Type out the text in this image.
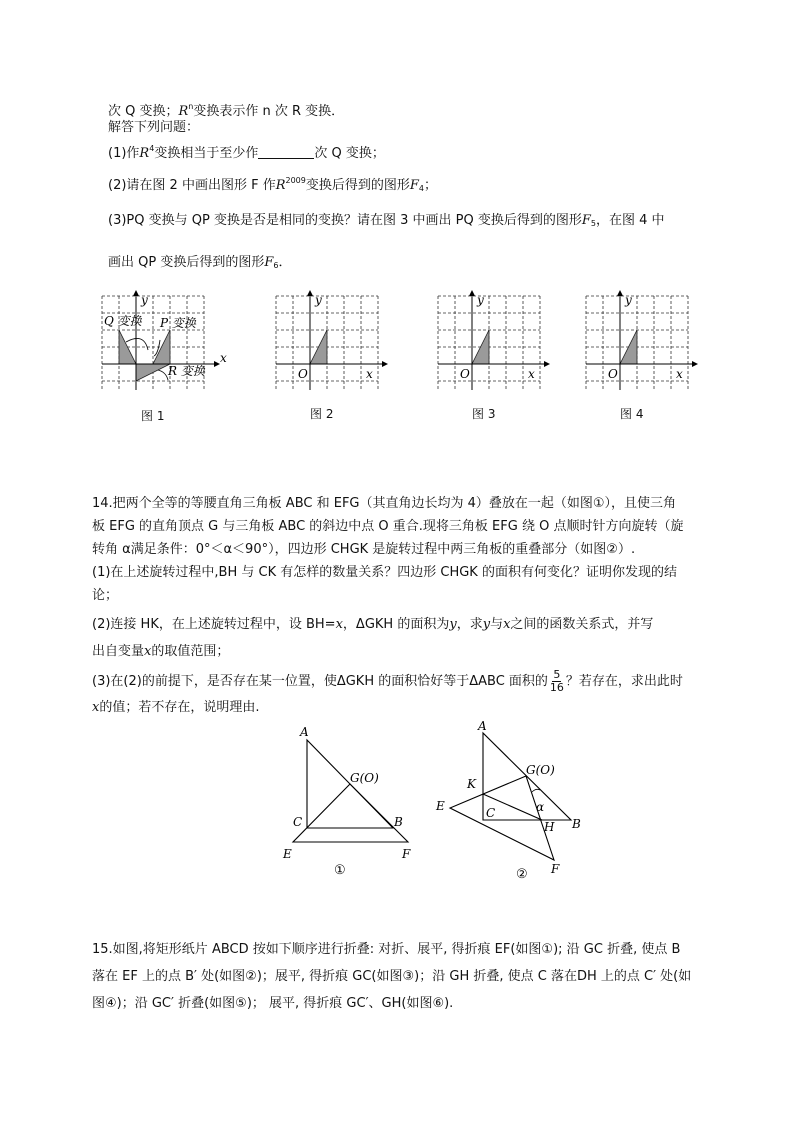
次 Q 变换；$R^n$变换表示作 n 次 R 变换．
解答下列问题：
(1)作$R^4$变换相当于至少作	次 Q 变换；
(2)请在图 2 中画出图形 F 作$R^{2009}$变换后得到的图形$F_4$；
(3)PQ 变换与 QP 变换是否是相同的变换？请在图 3 中画出 PQ 变换后得到的图形$F_5$，在图 4 中
画出 QP 变换后得到的图形$F_6$．
x
y
Q 变换 P 变换
R 变换
图 1
x
y
O
图 2
x
y
O
图 3
x
y
O
图 4
14.把两个全等的等腰直角三角板 ABC 和 EFG（其直角边长均为 4）叠放在一起（如图①），且使三角
板 EFG 的直角顶点 G 与三角板 ABC 的斜边中点 O 重合.现将三角板 EFG 绕 O 点顺时针方向旋转（旋
转角 α满足条件：0°＜α＜90°），四边形 CHGK 是旋转过程中两三角板的重叠部分（如图②）.
(1)在上述旋转过程中,BH 与 CK 有怎样的数量关系？四边形 CHGK 的面积有何变化？证明你发现的结
论；
(2)连接 HK，在上述旋转过程中，设 BH=x，ΔGKH 的面积为y，求y与x之间的函数关系式，并写
出自变量x的取值范围；
(3)在(2)的前提下，是否存在某一位置，使ΔGKH 的面积恰好等于ΔABC 面积的 $\frac{5}{16}$ ？若存在，求出此时
x的值；若不存在，说明理由.
A
G(O)
C	B
E	F
①
A
G(O)
K
E	C	α
H B
F
②
15.如图,将矩形纸片 ABCD 按如下顺序进行折叠: 对折、展平, 得折痕 EF(如图①); 沿 GC 折叠, 使点 B
落在 EF 上的点 B′ 处(如图②)；展平, 得折痕 GC(如图③)；沿 GH 折叠, 使点 C 落在DH 上的点 C′ 处(如
图④)；沿 GC′ 折叠(如图⑤)； 展平, 得折痕 GC′、GH(如图⑥).
